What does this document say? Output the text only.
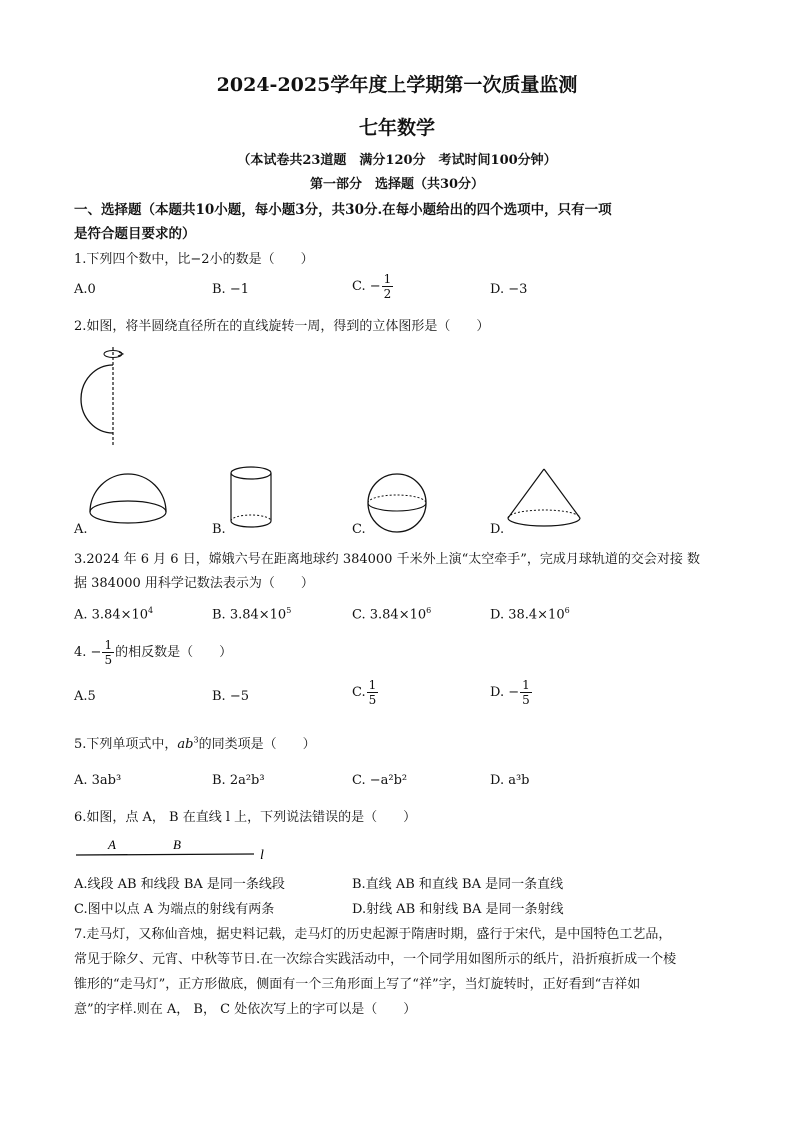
2024-2025学年度上学期第一次质量监测
七年数学
（本试卷共23道题　满分120分　考试时间100分钟）
第一部分　选择题（共30分）
一、选择题（本题共10小题，每小题3分，共30分.在每小题给出的四个选项中，只有一项
是符合题目要求的）
1.下列四个数中，比−2小的数是（　　）
A.0	B. −1	C. − $\frac{1}{2}$	D. −3
2.如图，将半圆绕直径所在的直线旋转一周，得到的立体图形是（　　）
A.	B.	C.	D.
3.2024 年 6 月 6 日，嫦娥六号在距离地球约 384000 千米外上演“太空牵手”，完成月球轨道的交会对接 数
据 384000 用科学记数法表示为（　　）
A. $3.84\times 10^4$	B. $3.84\times 10^5$	C. $3.84\times 10^6$	D. $38.4\times 10^6$
4. − $\frac{1}{5}$ 的相反数是（　　）
A.5	B. −5	C. $\frac{1}{5}$	D. − $\frac{1}{5}$
5.下列单项式中，$ab^3$的同类项是（　　）
A. 3ab³	B. 2a²b³	C. −a²b²	D. a³b
6.如图，点 A， B 在直线 l 上，下列说法错误的是（　　）
A	B
l
A.线段 AB 和线段 BA 是同一条线段	B.直线 AB 和直线 BA 是同一条直线
C.图中以点 A 为端点的射线有两条	D.射线 AB 和射线 BA 是同一条射线
7.走马灯，又称仙音烛，据史料记载，走马灯的历史起源于隋唐时期，盛行于宋代，是中国特色工艺品，
常见于除夕、元宵、中秋等节日.在一次综合实践活动中，一个同学用如图所示的纸片，沿折痕折成一个棱
锥形的“走马灯”，正方形做底，侧面有一个三角形面上写了“祥”字，当灯旋转时，正好看到“吉祥如
意”的字样.则在 A， B， C 处依次写上的字可以是（　　）
